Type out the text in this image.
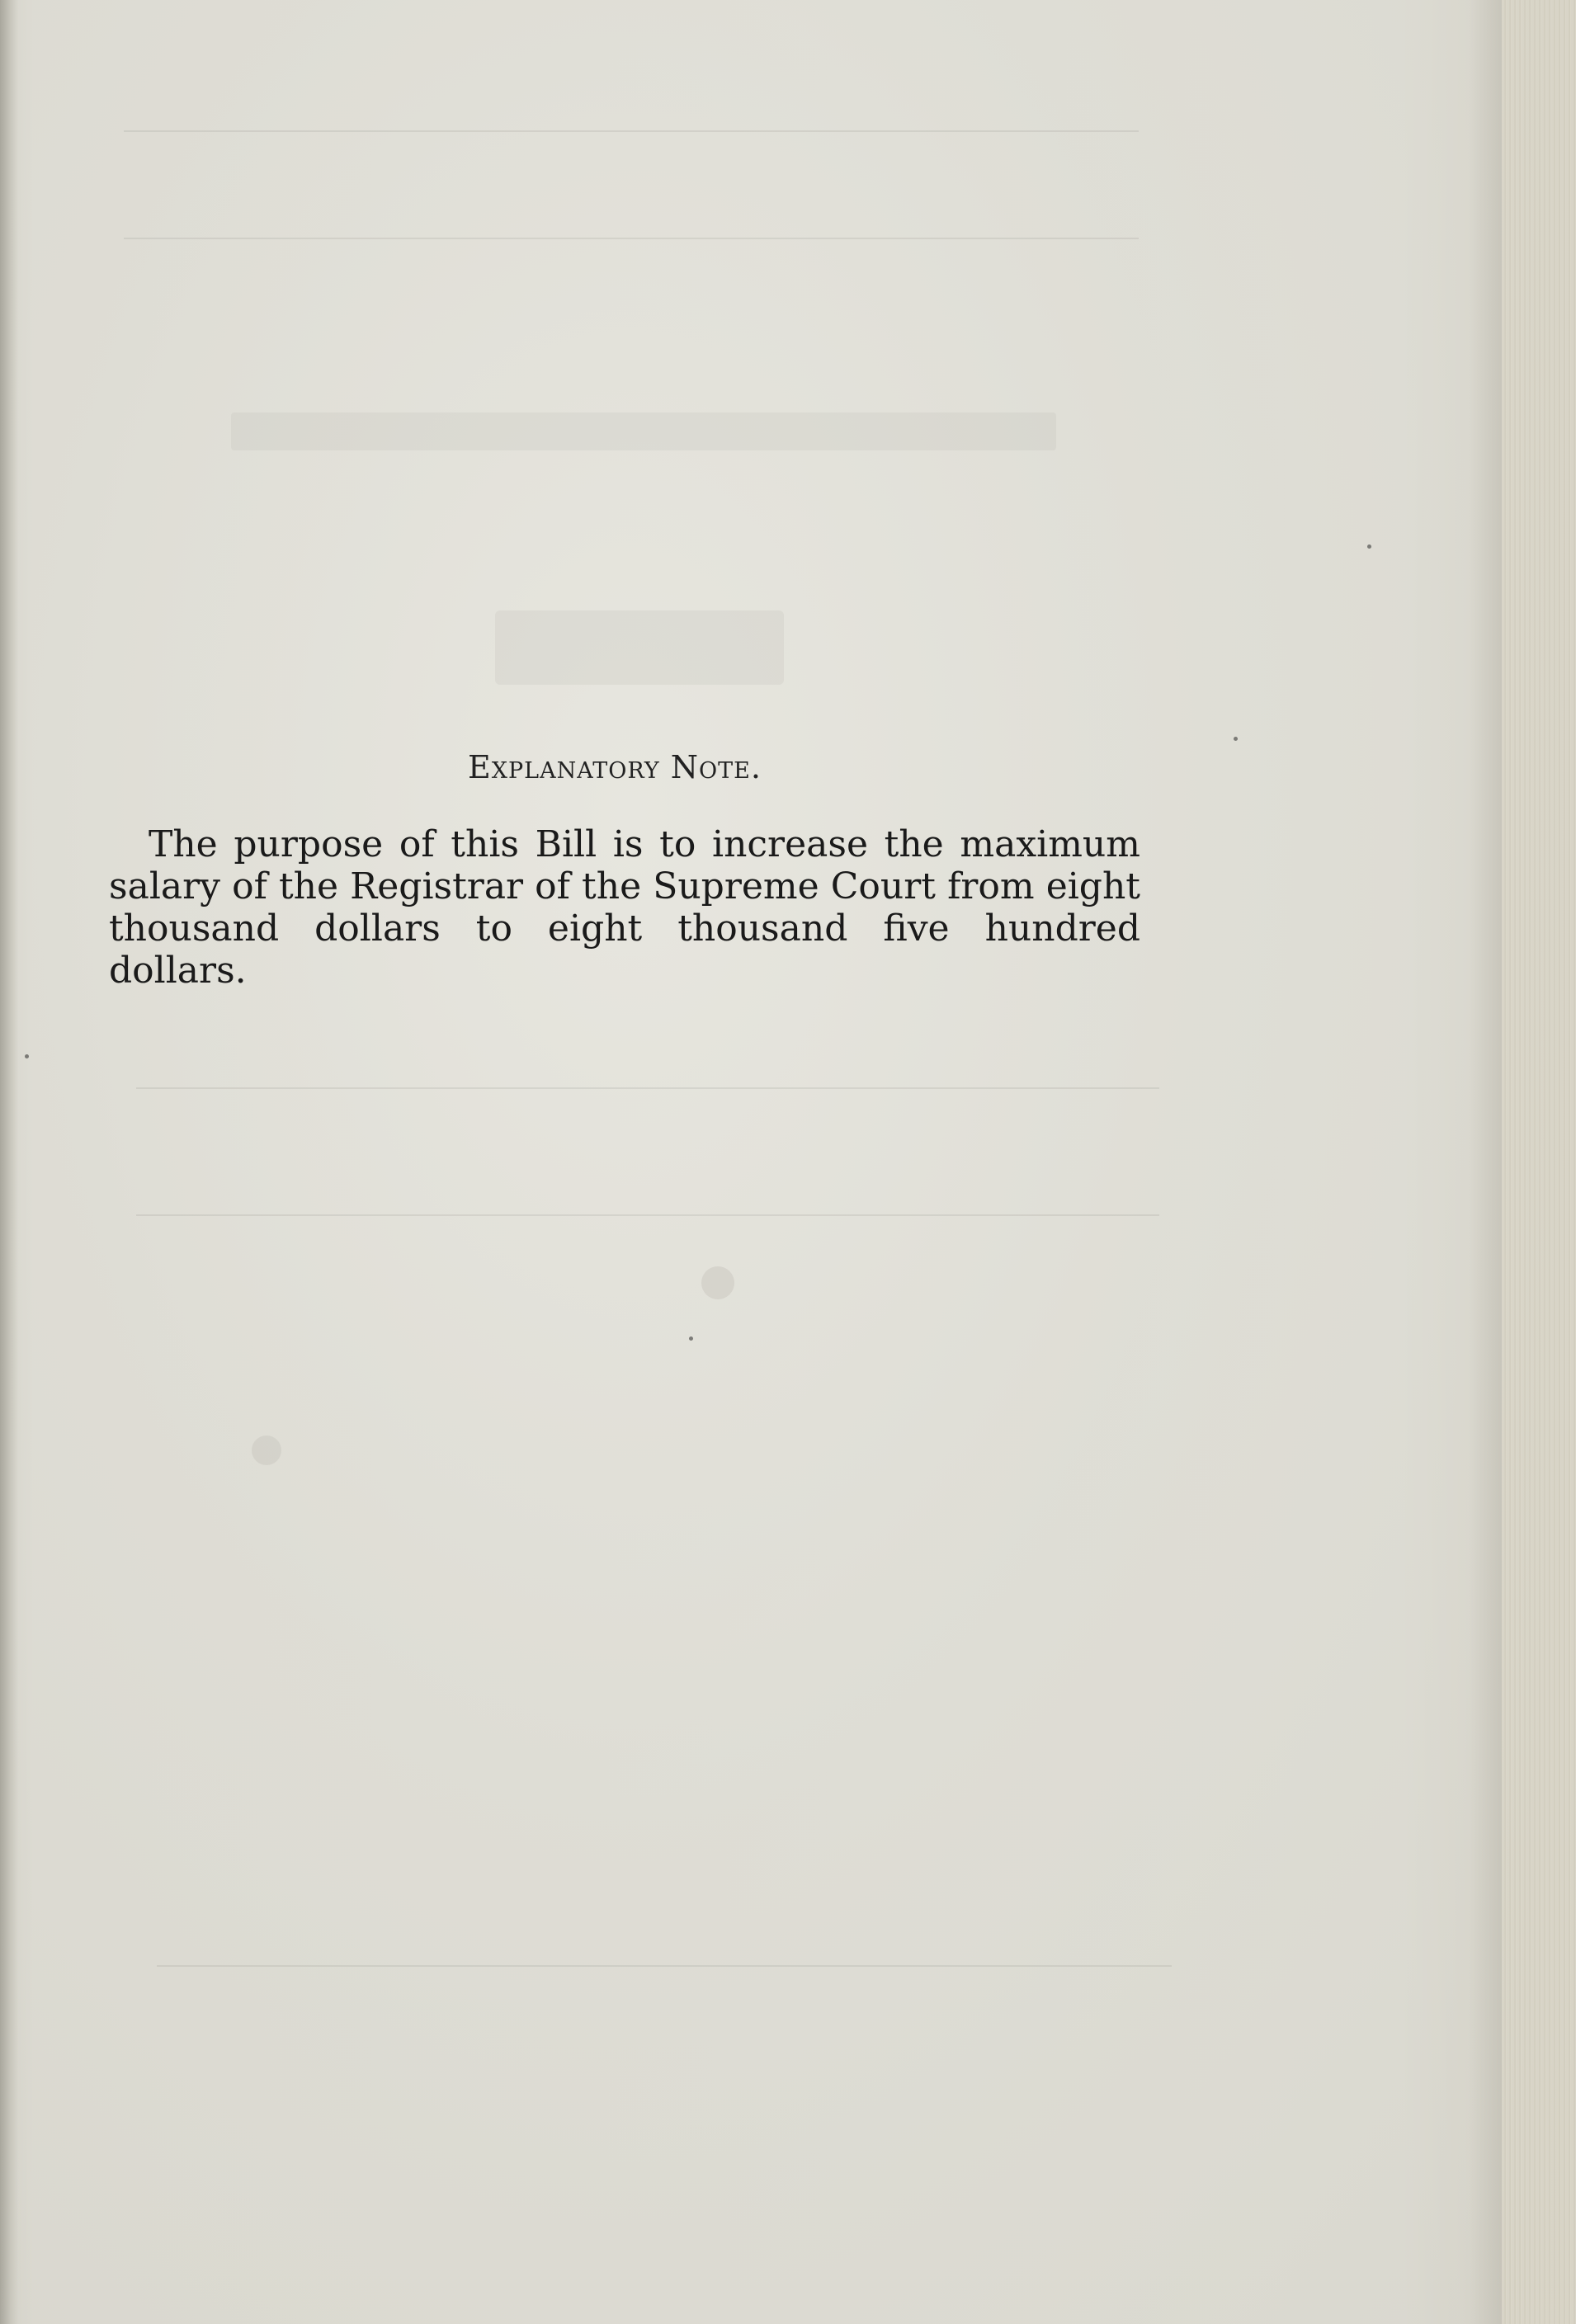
Explanatory Note.

The purpose of this Bill is to increase the maximum salary of the Registrar of the Supreme Court from eight thousand dollars to eight thousand five hundred dollars.
